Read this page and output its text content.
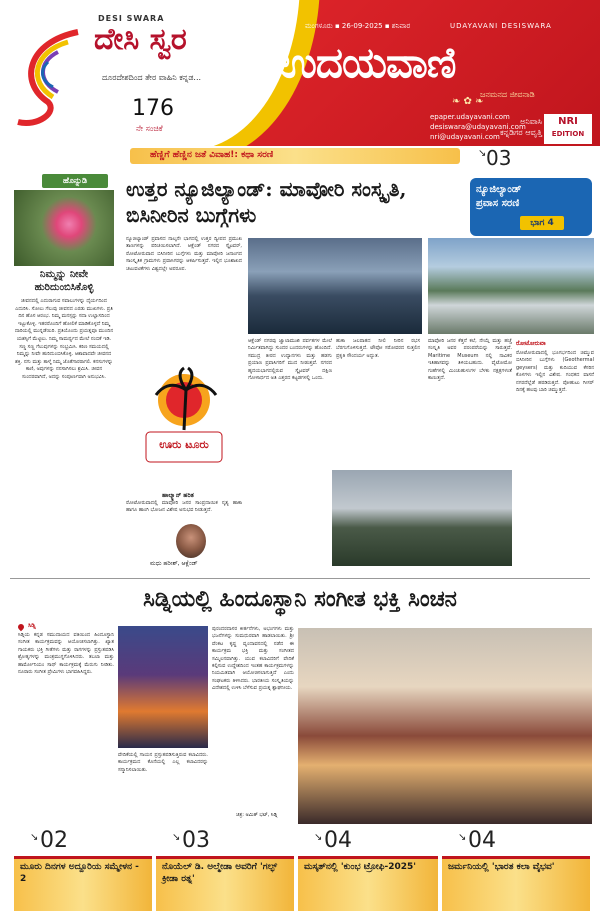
DESI SWARA
ದೇಸಿ ಸ್ವರ
ದೂರದೇಶದಿಂದ ತೇರ ವಾಹಿನಿ ಕನ್ನಡ...
176
ನೇ ಸಂಚಿಕೆ
ಮಂಗಳೂರು ▪ 26-09-2025 ▪ ಶನಿವಾರ	UDAYAVANI DESISWARA
ಉದಯವಾಣಿ
❧ ✿ ❧
ಜನಮನದ ಜೀವನಾಡಿ
epaper.udayavani.com
desiswara@udayavani.com
nri@udayavani.com
ಅನಿವಾಸಿ
ಕನ್ನಡಿಗರ ಆವೃತ್ತಿ
NRI
EDITION
ಹೆಣ್ಣಿಗೆ ಹೆಣ್ಣಿನ ಜತೆ ವಿವಾಹ!: ಕಥಾ ಸರಣಿ	↘ 03
ಹೊನ್ನುಡಿ
ನಿಮ್ಮನ್ನು ನೀವೇ ಹುರಿದುಂಬಿಸಿಕೊಳ್ಳಿ
ಜೀವನದಲ್ಲಿ ಎದುರಾಗುವ ಸವಾಲುಗಳನ್ನು ಧೈರ್ಯದಿಂದ ಎದುರಿಸಿ. ಸೋಲು ಗೆಲುವು ಜೀವನದ ಎರಡು ಮುಖಗಳು. ಪ್ರತಿ ದಿನ ಹೊಸ ಆರಂಭ. ನಿಮ್ಮ ಮನಸ್ಸನ್ನು ಸದಾ ಉಲ್ಲಾಸದಿಂದ ಇಟ್ಟುಕೊಳ್ಳಿ. ಇತರರೊಂದಿಗೆ ಹೋಲಿಕೆ ಮಾಡಿಕೊಳ್ಳದೆ ನಿಮ್ಮ ದಾರಿಯಲ್ಲಿ ಮುನ್ನಡೆಯಿರಿ. ಪ್ರತಿಯೊಂದು ಪ್ರಯತ್ನವೂ ಮುಂದಿನ ಯಶಸ್ಸಿಗೆ ಮೆಟ್ಟಿಲು. ನಿಮ್ಮ ಸಾಮರ್ಥ್ಯದ ಮೇಲೆ ನಂಬಿಕೆ ಇಡಿ. ಸಣ್ಣ ಸಣ್ಣ ಗೆಲುವುಗಳನ್ನು ಸಂಭ್ರಮಿಸಿ. ಕಠಿಣ ಸಮಯದಲ್ಲಿ ನಿಮ್ಮನ್ನು ನೀವೇ ಹುರಿದುಂಬಿಸಿಕೊಳ್ಳಿ. ಆಶಾವಾದವೇ ಜೀವನದ ಶಕ್ತಿ. ನಗು ಮತ್ತು ತಾಳ್ಮೆ ನಿಮ್ಮ ಜೊತೆಗಾರರಾಗಲಿ. ಕನಸುಗಳನ್ನು ಕಾಣಿ, ಅವುಗಳನ್ನು ನನಸಾಗಿಸಲು ಶ್ರಮಿಸಿ. ಜೀವನ ಸುಂದರವಾಗಿದೆ, ಅದನ್ನು ಸಂಪೂರ್ಣವಾಗಿ ಅನುಭವಿಸಿ.
ಉತ್ತರ ನ್ಯೂಜಿಲ್ಯಾಂಡ್: ಮಾವೋರಿ ಸಂಸ್ಕೃತಿ, ಬಿಸಿನೀರಿನ ಬುಗ್ಗೆಗಳು
ನ್ಯೂಜಿಲ್ಯಾಂಡ್
ಪ್ರವಾಸ ಸರಣಿ
ಭಾಗ 4
ನ್ಯೂಜಿಲ್ಯಾಂಡ್ ಪ್ರವಾಸದ ನಾಲ್ಕನೇ ಭಾಗದಲ್ಲಿ ಉತ್ತರ ದ್ವೀಪದ ಪ್ರಮುಖ ತಾಣಗಳನ್ನು ಪರಿಚಯಿಸಲಾಗಿದೆ. ಆಕ್ಲೆಂಡ್ ನಗರದ ಸ್ಕೈಟವರ್, ರೋಟೋರುವಾದ ಬಿಸಿನೀರಿನ ಬುಗ್ಗೆಗಳು ಮತ್ತು ಮಾವೋರಿ ಜನಾಂಗದ ಸಾಂಸ್ಕೃತಿಕ ಗ್ರಾಮಗಳು ಪ್ರವಾಸಿಗರನ್ನು ಆಕರ್ಷಿಸುತ್ತವೆ. ಇಲ್ಲಿನ ಭೂಶಾಖದ ಚಟುವಟಿಕೆಗಳು ವಿಶ್ವದಲ್ಲೇ ಅಪರೂಪ.
ಊರು ಟೂರು
ಹಾಲ್ಕ್ಯಾನ್ ಹರಿತ
ರೋಟೋರುವಾದಲ್ಲಿ ಮಾವೋರಿ ಜನರ ಸಾಂಪ್ರದಾಯಿಕ ನೃತ್ಯ ಹಾಕಾ ಹಾಗೂ ಹಾಂಗಿ ಭೋಜನ ವಿಶೇಷ ಅನುಭವ ನೀಡುತ್ತದೆ.
ಮಧು ಹರೀಶ್, ಆಕ್ಲೆಂಡ್
ಆಕ್ಲೆಂಡ್ ನಗರವು ಜ್ವಾಲಾಮುಖಿ ಪರ್ವತಗಳ ಮೇಲೆ ನಿರ್ಮಿತವಾಗಿದ್ದು ಸುಂದರ ಬಂದರುಗಳನ್ನು ಹೊಂದಿದೆ. ಸಮುದ್ರ ತೀರದ ಉದ್ಯಾನಗಳು ಮತ್ತು ಹಡಗು ಪ್ರಯಾಣ ಪ್ರವಾಸಿಗರಿಗೆ ಮುದ ನೀಡುತ್ತವೆ. ನಗರದ ಹೃದಯಭಾಗದಲ್ಲಿರುವ ಸ್ಕೈಟವರ್ ದಕ್ಷಿಣ ಗೋಳಾರ್ಧದ ಅತಿ ಎತ್ತರದ ಕಟ್ಟಡಗಳಲ್ಲಿ ಒಂದು.
ಹುಕಾ ಜಲಪಾತದ ನೀಲಿ ನೀರಿನ ರಭಸ ಬೆರಗುಗೊಳಿಸುತ್ತದೆ. ಟೌಪೋ ಸರೋವರದ ಸುತ್ತಲಿನ ಪ್ರಕೃತಿ ಸೌಂದರ್ಯ ಅದ್ಭುತ.
ಮಾವೋರಿ ಜನರ ಕೆತ್ತನೆ ಕಲೆ, ನೇಯ್ಗೆ ಮತ್ತು ಹಚ್ಚೆ ಸಂಸ್ಕೃತಿ ಅವರ ಪರಂಪರೆಯನ್ನು ಸಾರುತ್ತವೆ. Maritime Museum ನಲ್ಲಿ ನಾವಿಕರ ಇತಿಹಾಸವನ್ನು ತಿಳಿಯಬಹುದು. ವೈಟೋಮೋ ಗುಹೆಗಳಲ್ಲಿ ಮಿಂಚುಹುಳುಗಳ ಬೆಳಕು ನಕ್ಷತ್ರಗಳಂತೆ ಕಾಣುತ್ತದೆ.
ರೋಟೋರುವಾ
ರೋಟೋರುವಾದಲ್ಲಿ ಭೂಗರ್ಭದಿಂದ ಚಿಮ್ಮುವ ಬಿಸಿನೀರಿನ ಬುಗ್ಗೆಗಳು (Geothermal geysers) ಮತ್ತು ಕುದಿಯುವ ಕೆಸರಿನ ಕೊಳಗಳು ಇಲ್ಲಿನ ವಿಶೇಷ. ಗಂಧಕದ ವಾಸನೆ ನಗರದೆಲ್ಲೆಡೆ ಹರಡಿರುತ್ತದೆ. ಪೋಹುಟು ಗೀಸರ್ ದಿನಕ್ಕೆ ಹಲವು ಬಾರಿ ಚಿಮ್ಮುತ್ತದೆ.
ಸಿಡ್ನಿಯಲ್ಲಿ ಹಿಂದೂಸ್ಥಾನಿ ಸಂಗೀತ ಭಕ್ತಿ ಸಿಂಚನ
ಸಿಡ್ನಿ
ಸಿಡ್ನಿಯ ಕನ್ನಡ ಸಮುದಾಯದ ವತಿಯಿಂದ ಹಿಂದೂಸ್ಥಾನಿ ಸಂಗೀತ ಕಾರ್ಯಕ್ರಮವನ್ನು ಆಯೋಜಿಸಲಾಗಿತ್ತು. ಖ್ಯಾತ ಗಾಯಕರು ಭಕ್ತಿ ಗೀತೆಗಳು ಮತ್ತು ರಾಗಗಳನ್ನು ಪ್ರಸ್ತುತಪಡಿಸಿ ಶ್ರೋತೃಗಳನ್ನು ಮಂತ್ರಮುಗ್ಧಗೊಳಿಸಿದರು. ತಬಲಾ ಮತ್ತು ಹಾರ್ಮೋನಿಯಂ ಸಾಥ್ ಕಾರ್ಯಕ್ರಮಕ್ಕೆ ಮೆರುಗು ನೀಡಿತು. ನೂರಾರು ಸಂಗೀತ ಪ್ರೇಮಿಗಳು ಭಾಗವಹಿಸಿದ್ದರು.
ವೇದಿಕೆಯಲ್ಲಿ ಗಾಯನ ಪ್ರಸ್ತುತಪಡಿಸುತ್ತಿರುವ ಕಲಾವಿದರು. ಕಾರ್ಯಕ್ರಮದ ಕೊನೆಯಲ್ಲಿ ಎಲ್ಲ ಕಲಾವಿದರನ್ನು ಸನ್ಮಾನಿಸಲಾಯಿತು.
ಪುರಂದರದಾಸರ ಕೀರ್ತನೆಗಳು, ಅಭಂಗಗಳು ಮತ್ತು ಭಜನೆಗಳನ್ನು ಸುಮಧುರವಾಗಿ ಹಾಡಲಾಯಿತು. ಶ್ರೀ ವೆಂಕಟ ಕೃಷ್ಣ ವೃಂದಾವನದಲ್ಲಿ ನಡೆದ ಈ ಕಾರ್ಯಕ್ರಮ ಭಕ್ತಿ ಮತ್ತು ಸಂಗೀತದ ಸಮ್ಮಿಲನವಾಗಿತ್ತು. ಯುವ ಕಲಾವಿದರಿಗೆ ವೇದಿಕೆ ಕಲ್ಪಿಸುವ ಉದ್ದೇಶದಿಂದ ಇಂತಹ ಕಾರ್ಯಕ್ರಮಗಳನ್ನು ನಿಯಮಿತವಾಗಿ ಆಯೋಜಿಸಲಾಗುತ್ತಿದೆ ಎಂದು ಸಂಘಟಕರು ತಿಳಿಸಿದರು. ಭಾರತೀಯ ಸಂಸ್ಕೃತಿಯನ್ನು ವಿದೇಶದಲ್ಲಿ ಉಳಿಸಿ ಬೆಳೆಸುವ ಪ್ರಯತ್ನ ಶ್ಲಾಘನೀಯ.
ಚಿತ್ರ: ಅಮಿತ್ ಭಟ್, ಸಿಡ್ನಿ
↘ 02
ಮೂರು ದಿನಗಳ ಅದ್ದೂರಿಯ ಸಮ್ಮೇಳನ - 2
↘ 03
ನೊಯೆಲ್ ಡಿ. ಅಲ್ಮೇಡಾ ಅವರಿಗೆ 'ಗಲ್ಫ್ ಕ್ರೀಡಾ ರತ್ನ'
↘ 04
ಮಸ್ಕತ್‌ನಲ್ಲಿ 'ಕುಂಭ ಟ್ರೋಫಿ-2025'
↘ 04
ಜರ್ಮನಿಯಲ್ಲಿ 'ಭಾರತ ಕಲಾ ವೈಭವ'
